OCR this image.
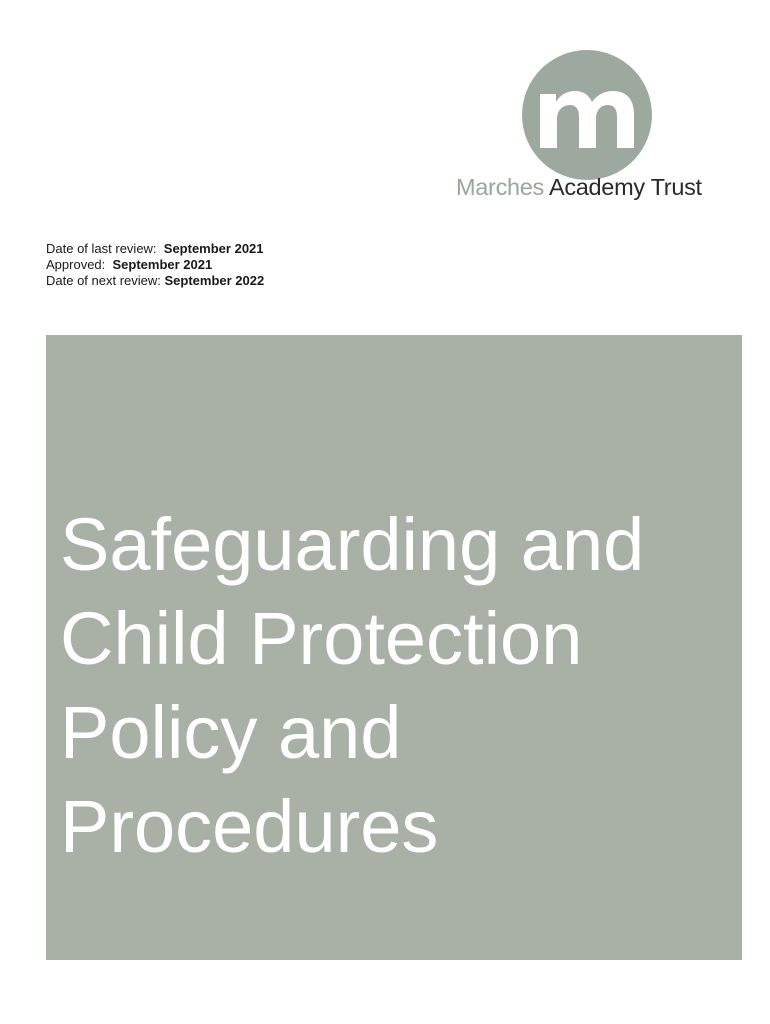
Marches Academy Trust
Date of last review:  September 2021
Approved:  September 2021
Date of next review: September 2022
Safeguarding and
Child Protection
Policy and
Procedures
